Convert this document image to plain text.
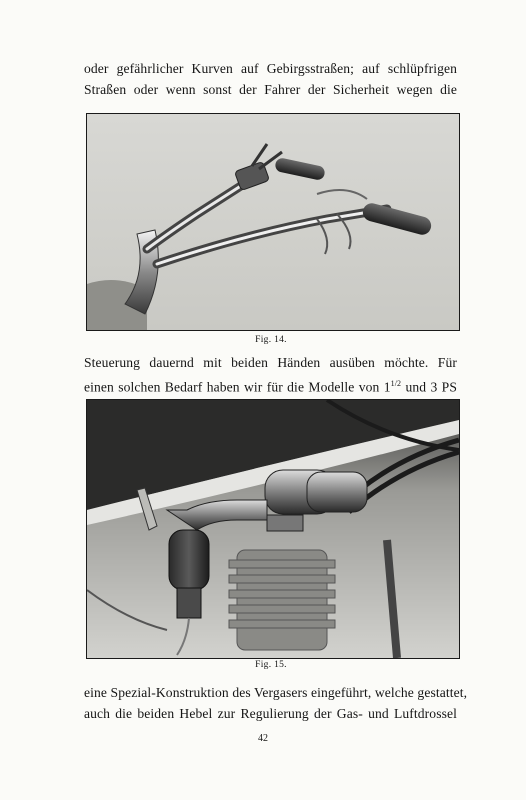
oder gefährlicher Kurven auf Gebirgsstraßen; auf schlüpfrigen
Straßen oder wenn sonst der Fahrer der Sicherheit wegen die
Fig. 14.
Steuerung dauernd mit beiden Händen ausüben möchte. Für
einen solchen Bedarf haben wir für die Modelle von $1^{1/2}$ und 3 PS
Fig. 15.
eine Spezial-Konstruktion des Vergasers eingeführt, welche gestattet,
auch die beiden Hebel zur Regulierung der Gas- und Luftdrossel
42
